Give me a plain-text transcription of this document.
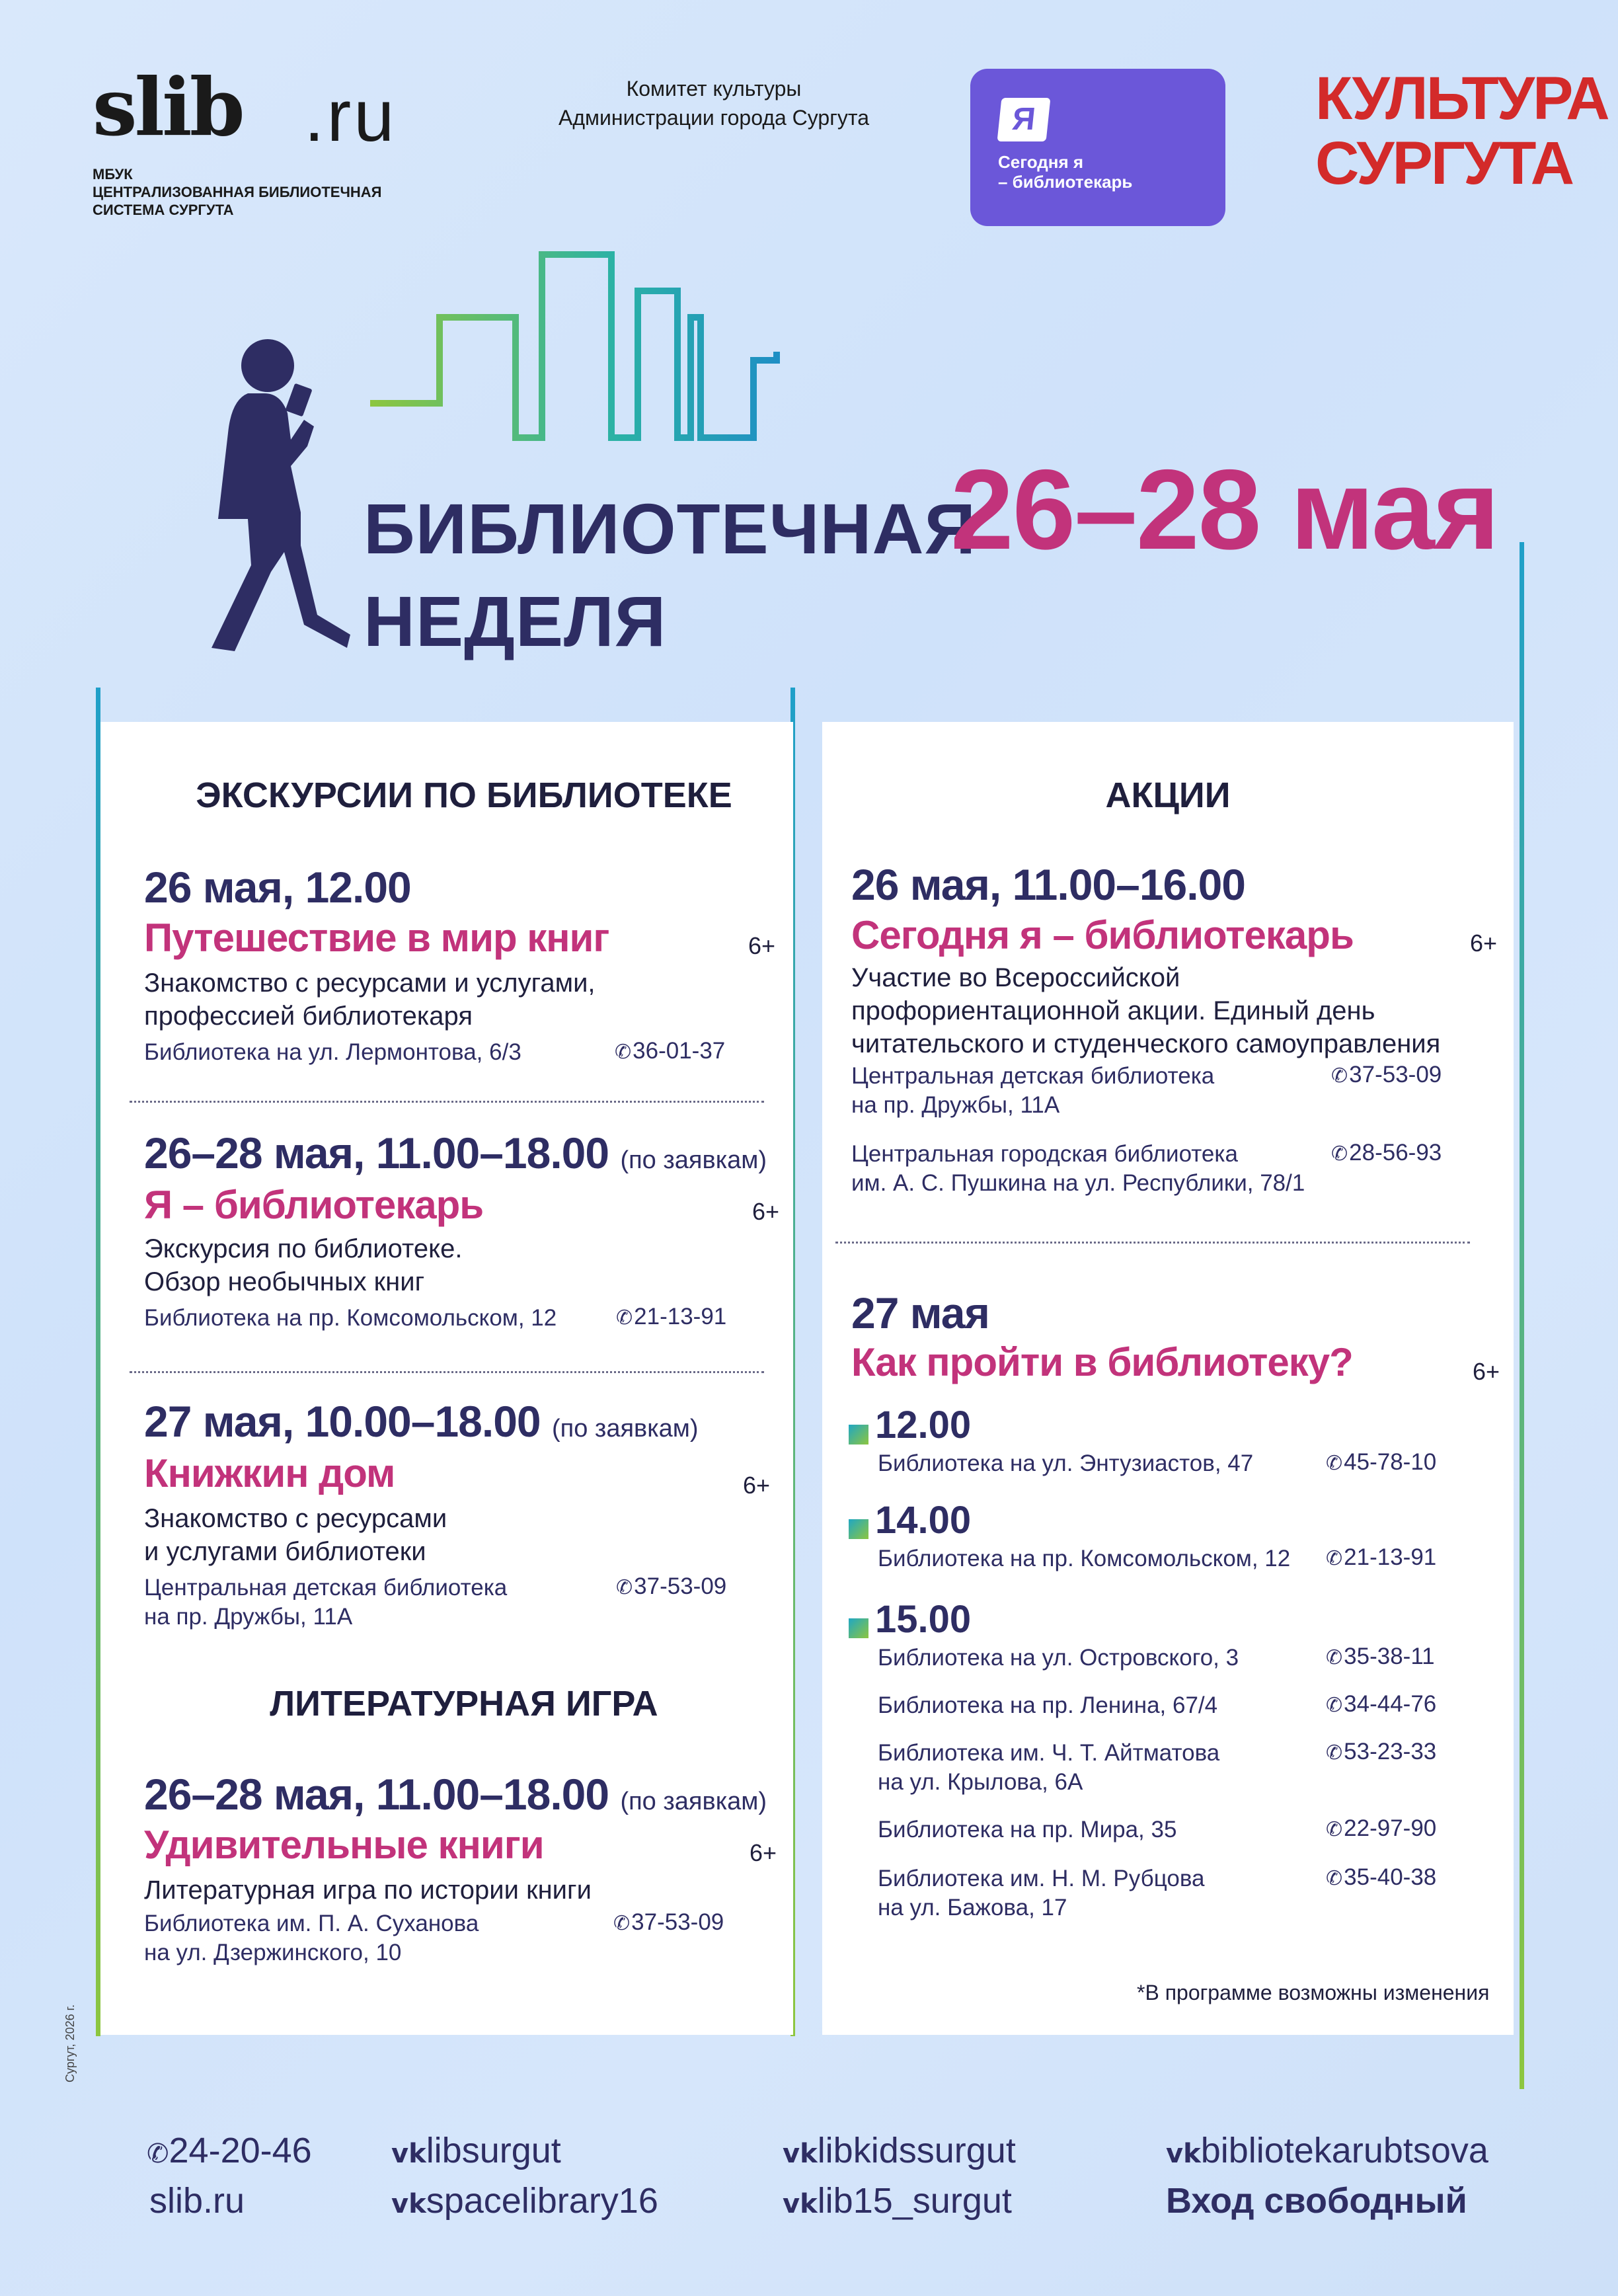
slib .ru
МБУК
ЦЕНТРАЛИЗОВАННАЯ БИБЛИОТЕЧНАЯ
СИСТЕМА СУРГУТА
Комитет культуры
Администрации города Сургута	Я
Сегодня я
– библиотекарь
КУЛЬТУРА
СУРГУТА
БИБЛИОТЕЧНАЯ
НЕДЕЛЯ
26–28 мая
ЭКСКУРСИИ ПО БИБЛИОТЕКЕ
26 мая, 12.00
Путешествие в мир книг	6+
Знакомство с ресурсами и услугами,
профессией библиотекаря
Библиотека на ул. Лермонтова, 6/3	✆ 36-01-37
26–28 мая, 11.00–18.00 (по заявкам)
Я – библиотекарь	6+
Экскурсия по библиотеке.
Обзор необычных книг
Библиотека на пр. Комсомольском, 12	✆ 21-13-91
27 мая, 10.00–18.00 (по заявкам)
Книжкин дом	6+
Знакомство с ресурсами
и услугами библиотеки
Центральная детская библиотека
на пр. Дружбы, 11А
✆ 37-53-09
ЛИТЕРАТУРНАЯ ИГРА
26–28 мая, 11.00–18.00 (по заявкам)
Удивительные книги	6+
Литературная игра по истории книги
Библиотека им. П. А. Суханова
на ул. Дзержинского, 10
✆ 37-53-09
АКЦИИ
26 мая, 11.00–16.00
Сегодня я – библиотекарь	6+
Участие во Всероссийской
профориентационной акции. Единый день
читательского и студенческого самоуправления
Центральная детская библиотека
на пр. Дружбы, 11А
✆ 37-53-09
Центральная городская библиотека
им. А. С. Пушкина на ул. Республики, 78/1
✆ 28-56-93
27 мая
Как пройти в библиотеку?	6+
12.00
Библиотека на ул. Энтузиастов, 47	✆ 45-78-10
14.00
Библиотека на пр. Комсомольском, 12	✆ 21-13-91
15.00
Библиотека на ул. Островского, 3	✆ 35-38-11
Библиотека на пр. Ленина, 67/4	✆ 34-44-76
Библиотека им. Ч. Т. Айтматова
на ул. Крылова, 6А
✆ 53-23-33
Библиотека на пр. Мира, 35	✆ 22-97-90
Библиотека им. Н. М. Рубцова
на ул. Бажова, 17
✆ 35-40-38
*В программе возможны изменения
Сургут, 2026 г.
✆24-20-46
slib.ru
vklibsurgut
vkspacelibrary16
vklibkidssurgut
vklib15_surgut
vkbibliotekarubtsova
Вход свободный
